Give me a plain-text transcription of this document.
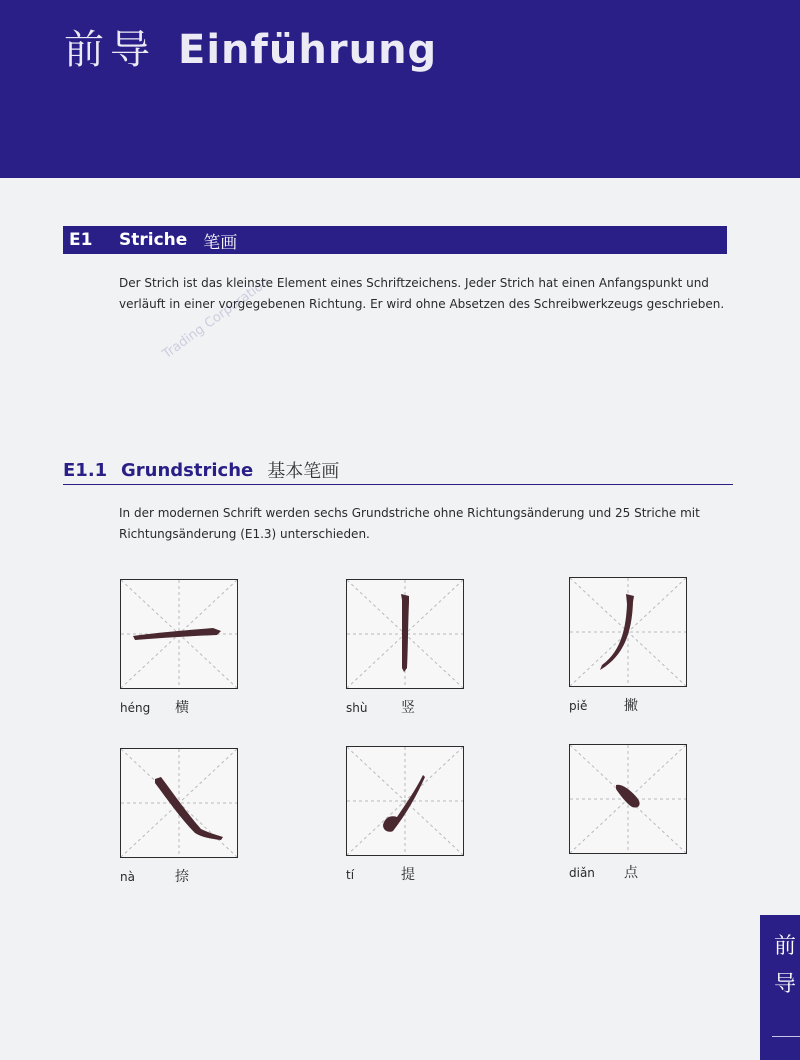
前导 Einführung
E1	Striche 笔画

Der Strich ist das kleinste Element eines Schriftzeichens. Jeder Strich hat einen Anfangspunkt und verläuft in einer vorgegebenen Richtung. Er wird ohne Absetzen des Schreibwerkzeugs geschrieben.

Trading Corporation
E1.1 Grundstriche 基本笔画

In der modernen Schrift werden sechs Grundstriche ohne Richtungsänderung und 25 Striche mit Richtungsänderung (E1.3) unterschieden.

héng 横	shù 竖	piě	撇
nà	捺	tí	提	diǎn 点
前
导
